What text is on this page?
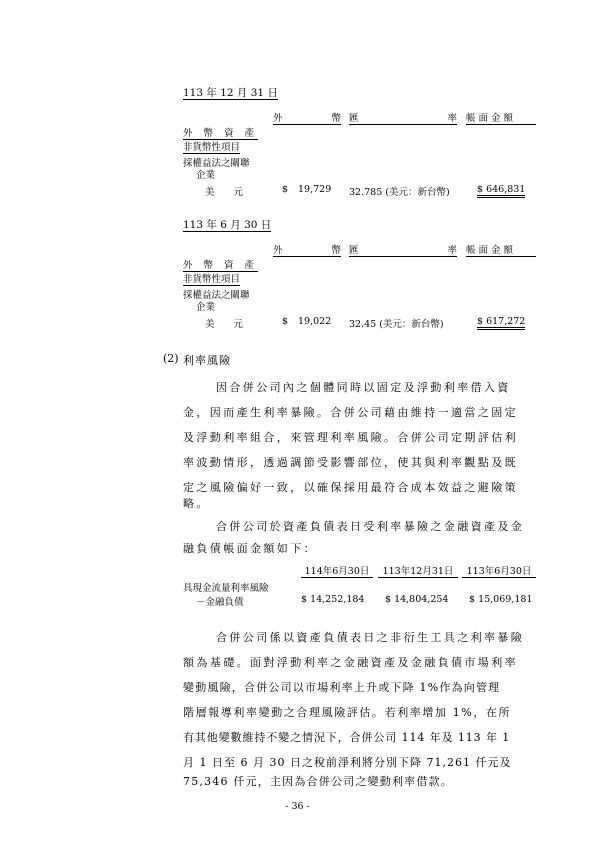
113 年 12 月 31 日
外	幣 匯	率 帳 面 金 額
外 幣 資 產
非貨幣性項目
採權益法之關聯
企業
美　　元	$ 19,729 32.785 (美元：新台幣)	$ 646,831
113 年 6 月 30 日
外	幣 匯	率 帳 面 金 額
外 幣 資 產
非貨幣性項目
採權益法之關聯
企業
美　　元	$ 19,022 32.45 (美元：新台幣)	$ 617,272
(2) 利率風險
因合併公司內之個體同時以固定及浮動利率借入資
金，因而產生利率暴險。合併公司藉由維持一適當之固定
及浮動利率組合，來管理利率風險。合併公司定期評估利
率波動情形，透過調節受影響部位，使其與利率觀點及既
定之風險偏好一致，以確保採用最符合成本效益之避險策
略。
合併公司於資產負債表日受利率暴險之金融資產及金
融負債帳面金額如下：
114年6月30日	113年12月31日	113年6月30日
具現金流量利率風險
－金融負債	$ 14,252,184 $ 14,804,254 $ 15,069,181
合併公司係以資產負債表日之非衍生工具之利率暴險
額為基礎。面對浮動利率之金融資產及金融負債市場利率
變動風險，合併公司以市場利率上升或下降 1%作為向管理
階層報導利率變動之合理風險評估。若利率增加 1%，在所
有其他變數維持不變之情況下，合併公司 114 年及 113 年 1
月 1 日至 6 月 30 日之稅前淨利將分別下降 71,261 仟元及
75,346 仟元，主因為合併公司之變動利率借款。
- 36 -
